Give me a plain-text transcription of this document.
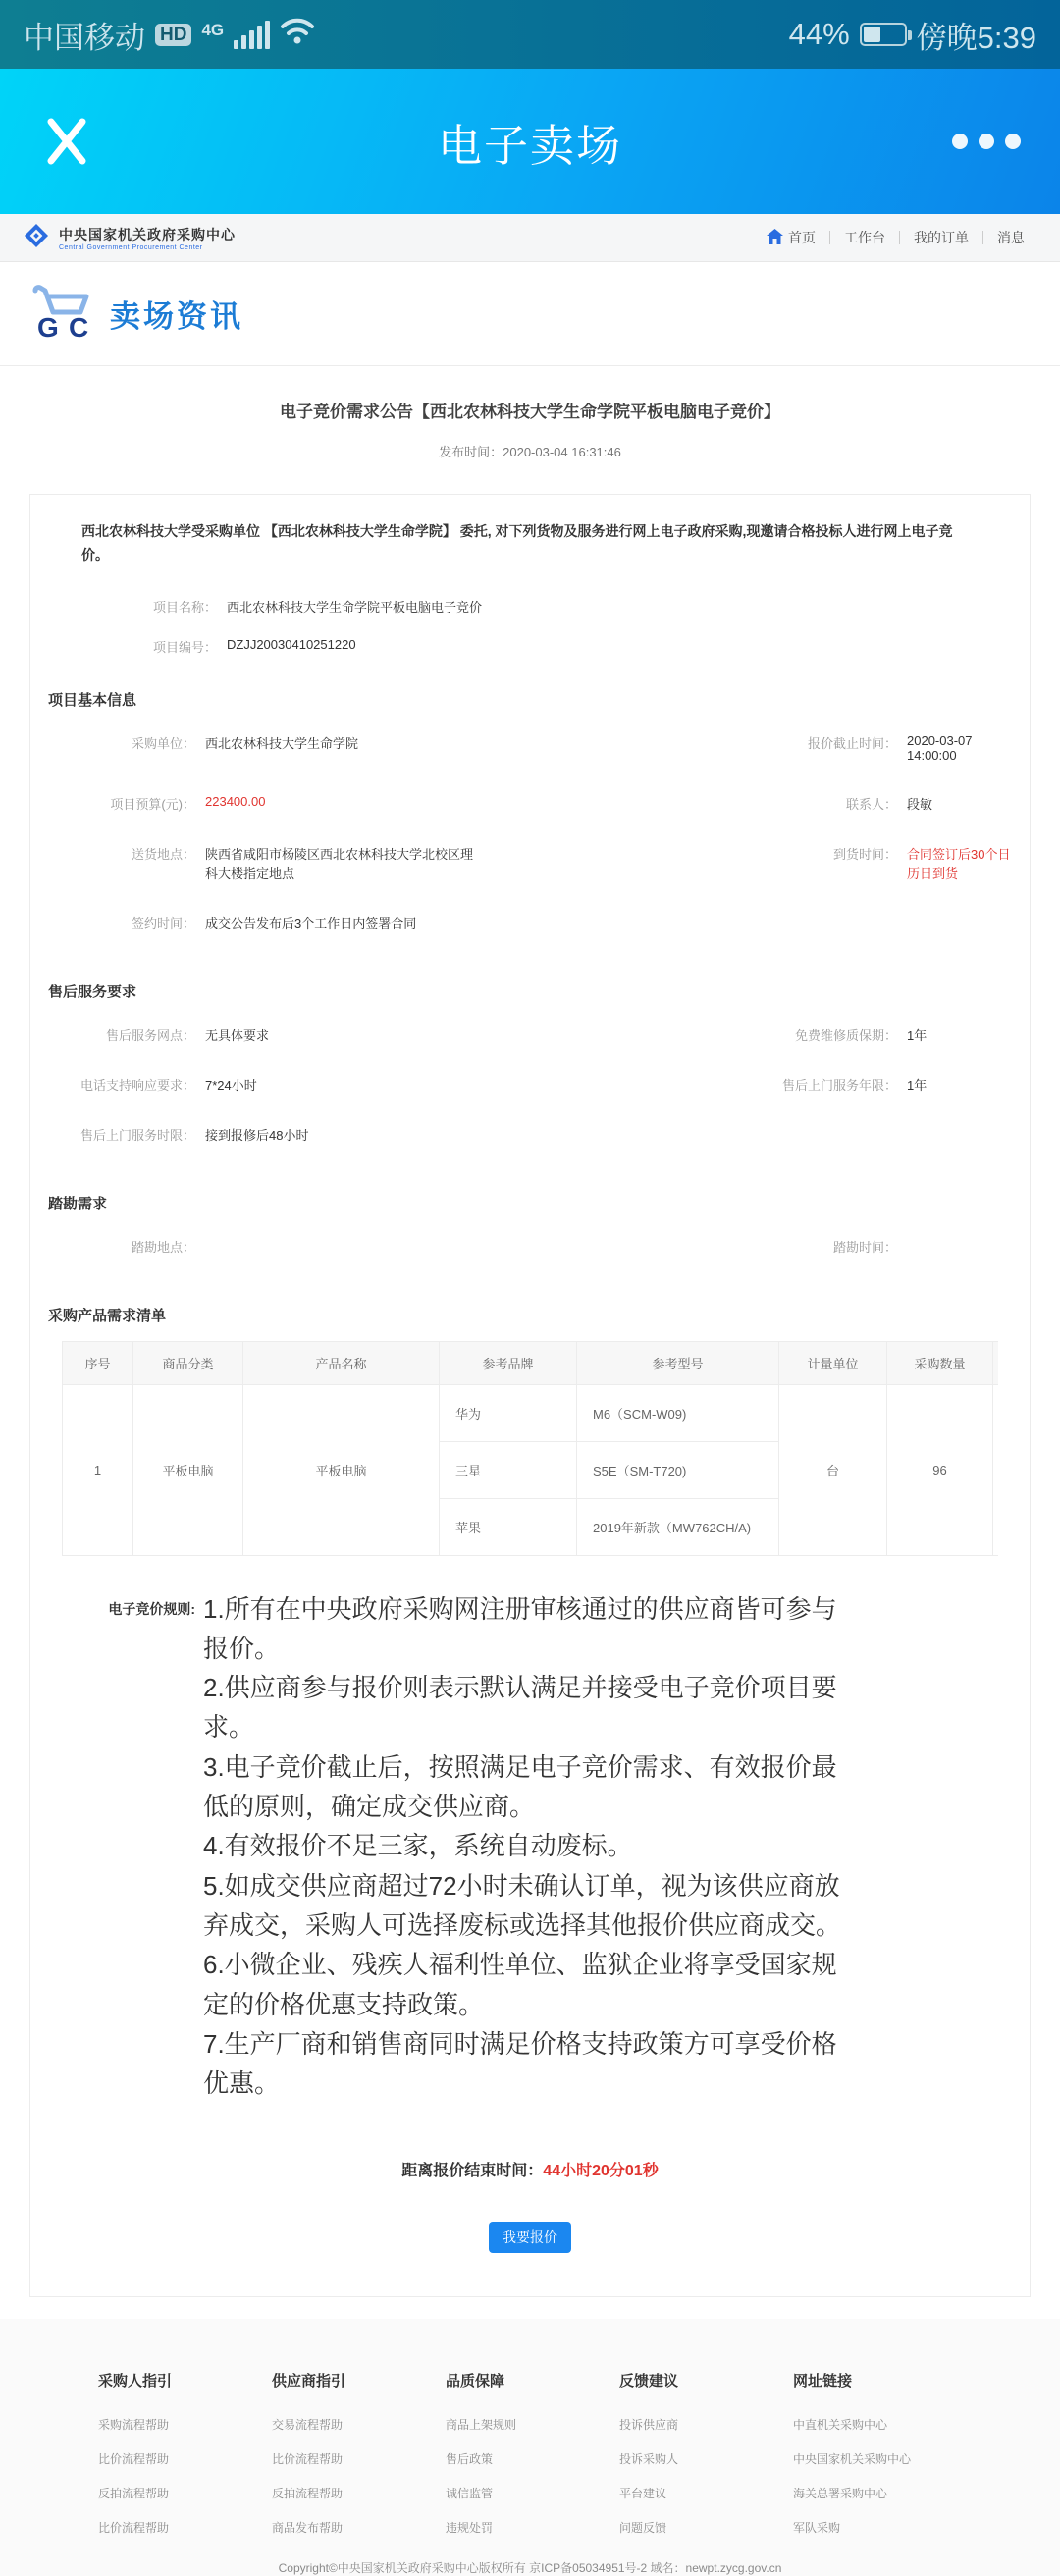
中国移动 HD 4G	44% 傍晚5:39
电子卖场
中央国家机关政府采购中心
Central Government Procurement Center
首页 工作台 我的订单 消息
G C 卖场资讯
电子竞价需求公告【西北农林科技大学生命学院平板电脑电子竞价】
发布时间：2020-03-04 16:31:46

西北农林科技大学受采购单位 【西北农林科技大学生命学院】 委托, 对下列货物及服务进行网上电子政府采购,现邀请合格投标人进行网上电子竞价。

项目名称： 西北农林科技大学生命学院平板电脑电子竞价
项目编号： DZJJ20030410251220
项目基本信息
采购单位： 西北农林科技大学生命学院	报价截止时间： 2020-03-07 14:00:00
项目预算(元)： 223400.00	联系人： 段敏
送货地点： 陕西省咸阳市杨陵区西北农林科技大学北校区理科大楼指定地点
到货时间： 合同签订后30个日历日到货
签约时间： 成交公告发布后3个工作日内签署合同
售后服务要求
售后服务网点： 无具体要求	免费维修质保期： 1年
电话支持响应要求： 7*24小时	售后上门服务年限： 1年
售后上门服务时限： 接到报修后48小时
踏勘需求
踏勘地点：	踏勘时间：
采购产品需求清单
序号	商品分类	产品名称	参考品牌	参考型号	计量单位	采购数量	
1	平板电脑	平板电脑	华为	M6（SCM-W09)	台	96	
			三星	S5E（SM-T720)			
			苹果	2019年新款（MW762CH/A)			
电子竞价规则: 1.所有在中央政府采购网注册审核通过的供应商皆可参与报价。
2.供应商参与报价则表示默认满足并接受电子竞价项目要求。
3.电子竞价截止后，按照满足电子竞价需求、有效报价最低的原则，确定成交供应商。
4.有效报价不足三家，系统自动废标。
5.如成交供应商超过72小时未确认订单，视为该供应商放弃成交，采购人可选择废标或选择其他报价供应商成交。
6.小微企业、残疾人福利性单位、监狱企业将享受国家规定的价格优惠支持政策。
7.生产厂商和销售商同时满足价格支持政策方可享受价格优惠。
距离报价结束时间：44小时20分01秒
我要报价
采购人指引
采购流程帮助
比价流程帮助
反拍流程帮助
比价流程帮助
供应商指引
交易流程帮助
比价流程帮助
反拍流程帮助
商品发布帮助
品质保障
商品上架规则
售后政策
诚信监管
违规处罚
反馈建议
投诉供应商
投诉采购人
平台建议
问题反馈
网址链接
中直机关采购中心
中央国家机关采购中心
海关总署采购中心
军队采购
Copyright©中央国家机关政府采购中心版权所有 京ICP备05034951号-2 域名：newpt.zycg.gov.cn
